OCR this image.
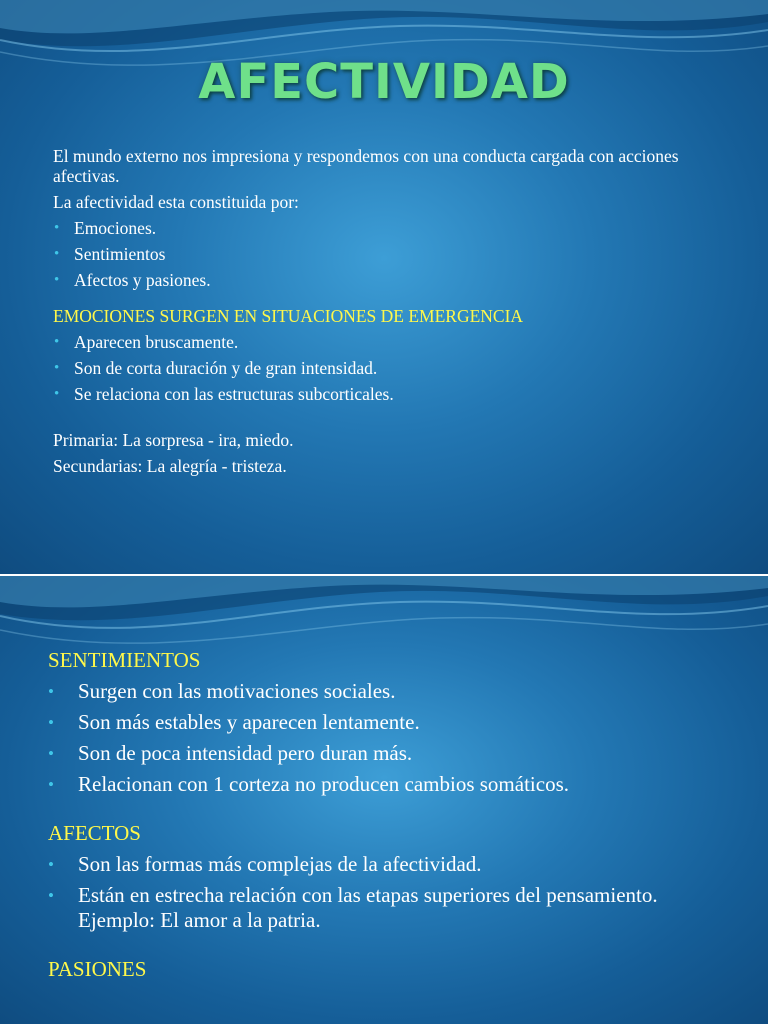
AFECTIVIDAD
El mundo externo nos impresiona y respondemos con una conducta cargada con acciones afectivas.
La afectividad esta constituida por:
• Emociones.
• Sentimientos
• Afectos y pasiones.
EMOCIONES SURGEN EN SITUACIONES DE EMERGENCIA
• Aparecen bruscamente.
• Son de corta duración y de gran intensidad.
• Se relaciona con las estructuras subcorticales.
Primaria: La sorpresa - ira, miedo.
Secundarias: La alegría - tristeza.
SENTIMIENTOS
• Surgen con las motivaciones sociales.
• Son más estables y aparecen lentamente.
• Son de poca intensidad pero duran más.
• Relacionan con 1 corteza no producen cambios somáticos.
AFECTOS
• Son las formas más complejas de la afectividad.
• Están en estrecha relación con las etapas superiores del pensamiento. Ejemplo: El amor a la patria.
PASIONES
